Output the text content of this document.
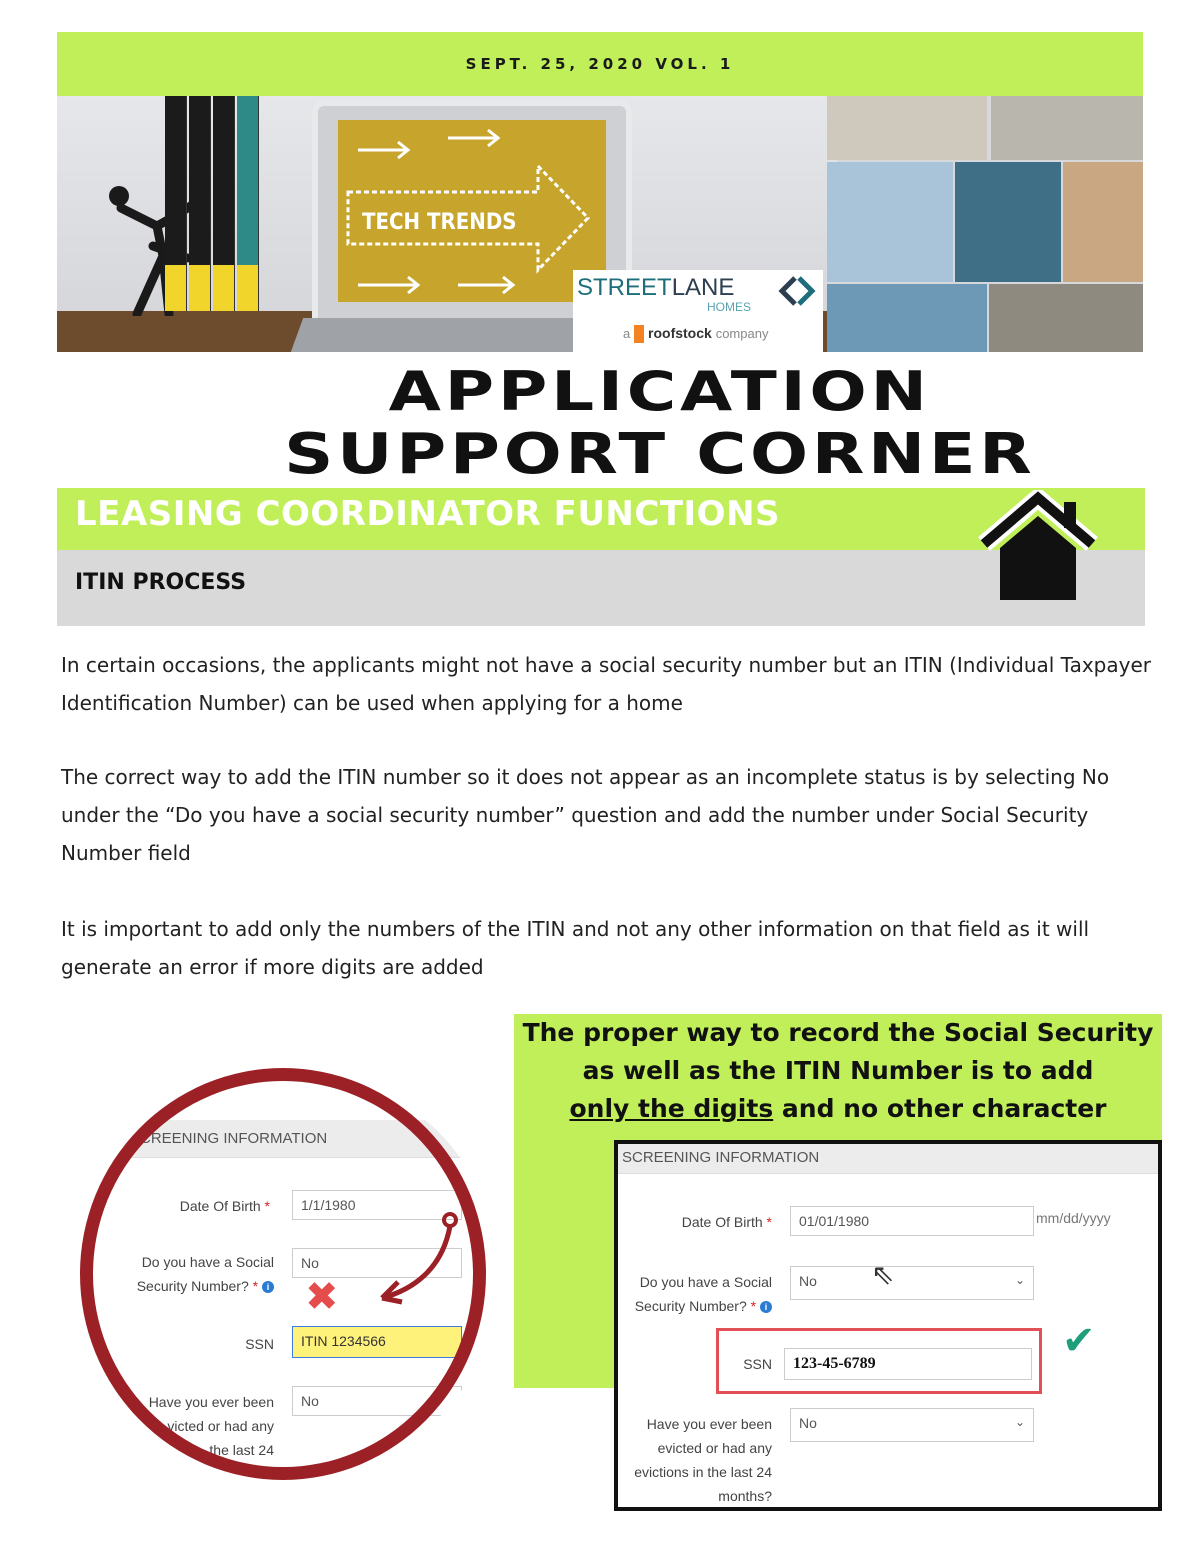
SEPT. 25, 2020 VOL. 1
TECH TRENDS
STREETLANE
HOMES
a roofstock company
APPLICATION
SUPPORT CORNER
LEASING COORDINATOR FUNCTIONS
ITIN PROCESS

In certain occasions, the applicants might not have a social security number but an ITIN (Individual Taxpayer Identification Number) can be used when applying for a home

The correct way to add the ITIN number so it does not appear as an incomplete status is by selecting No under the “Do you have a social security number” question and add the number under Social Security Number field

It is important to add only the numbers of the ITIN and not any other information on that field as it will generate an error if more digits are added

The proper way to record the Social Security
as well as the ITIN Number is to add
only the digits and no other character
CREENING INFORMATION
Date Of Birth *	1/1/1980
Do you have a Social
Security Number? * i
No
SSN	ITIN 1234566
Have you ever been
victed or had any
the last 24
No
✖
SCREENING INFORMATION
Date Of Birth *	01/01/1980
Do you have a Social
Security Number? * i
No	⌄
SSN	123-45-6789
Have you ever been
evicted or had any
evictions in the last 24
months?
No	⌄
mm/dd/yyyy
⇖
✔
